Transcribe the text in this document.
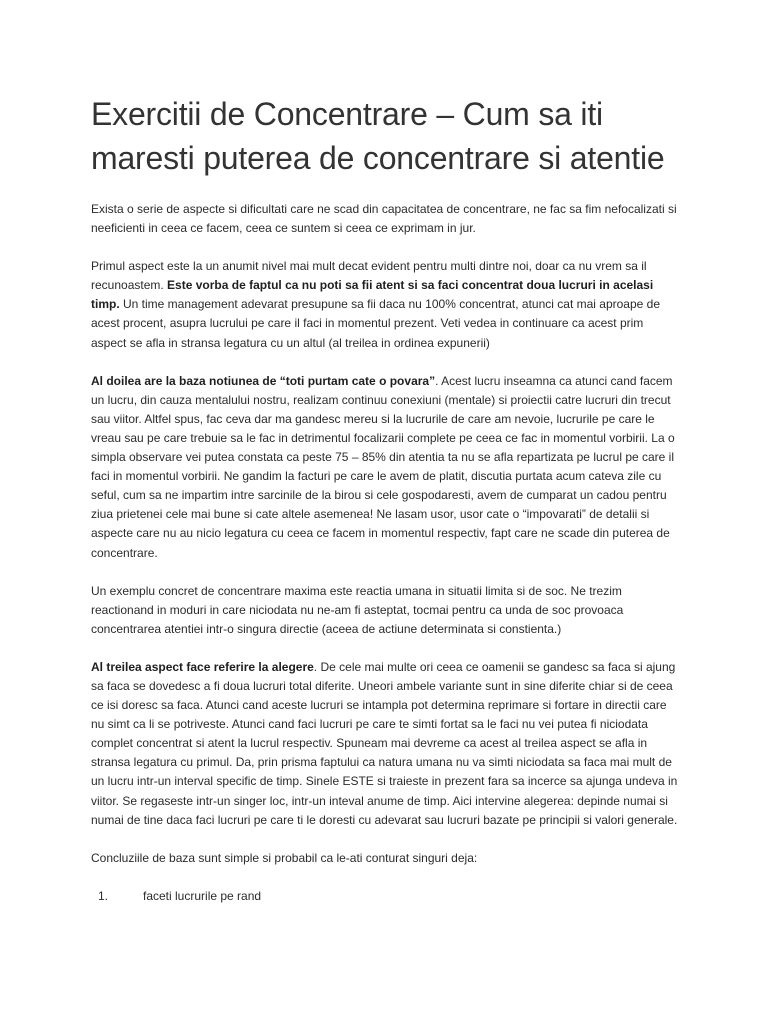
Exercitii de Concentrare – Cum sa iti maresti puterea de concentrare si atentie

Exista o serie de aspecte si dificultati care ne scad din capacitatea de concentrare, ne fac sa fim nefocalizati si neeficienti in ceea ce facem, ceea ce suntem si ceea ce exprimam in jur.

Primul aspect este la un anumit nivel mai mult decat evident pentru multi dintre noi, doar ca nu vrem sa il recunoastem. Este vorba de faptul ca nu poti sa fii atent si sa faci concentrat doua lucruri in acelasi timp. Un time management adevarat presupune sa fii daca nu 100% concentrat, atunci cat mai aproape de acest procent, asupra lucrului pe care il faci in momentul prezent. Veti vedea in continuare ca acest prim aspect se afla in stransa legatura cu un altul (al treilea in ordinea expunerii)

Al doilea are la baza notiunea de “toti purtam cate o povara”. Acest lucru inseamna ca atunci cand facem un lucru, din cauza mentalului nostru, realizam continuu conexiuni (mentale) si proiectii catre lucruri din trecut sau viitor. Altfel spus, fac ceva dar ma gandesc mereu si la lucrurile de care am nevoie, lucrurile pe care le vreau sau pe care trebuie sa le fac in detrimentul focalizarii complete pe ceea ce fac in momentul vorbirii. La o simpla observare vei putea constata ca peste 75 – 85% din atentia ta nu se afla repartizata pe lucrul pe care il faci in momentul vorbirii. Ne gandim la facturi pe care le avem de platit, discutia purtata acum cateva zile cu seful, cum sa ne impartim intre sarcinile de la birou si cele gospodaresti, avem de cumparat un cadou pentru ziua prietenei cele mai bune si cate altele asemenea! Ne lasam usor, usor cate o “impovarati” de detalii si aspecte care nu au nicio legatura cu ceea ce facem in momentul respectiv, fapt care ne scade din puterea de concentrare.

Un exemplu concret de concentrare maxima este reactia umana in situatii limita si de soc. Ne trezim reactionand in moduri in care niciodata nu ne-am fi asteptat, tocmai pentru ca unda de soc provoaca concentrarea atentiei intr-o singura directie (aceea de actiune determinata si constienta.)

Al treilea aspect face referire la alegere. De cele mai multe ori ceea ce oamenii se gandesc sa faca si ajung sa faca se dovedesc a fi doua lucruri total diferite. Uneori ambele variante sunt in sine diferite chiar si de ceea ce isi doresc sa faca. Atunci cand aceste lucruri se intampla pot determina reprimare si fortare in directii care nu simt ca li se potriveste. Atunci cand faci lucruri pe care te simti fortat sa le faci nu vei putea fi niciodata complet concentrat si atent la lucrul respectiv. Spuneam mai devreme ca acest al treilea aspect se afla in stransa legatura cu primul. Da, prin prisma faptului ca natura umana nu va simti niciodata sa faca mai mult de un lucru intr-un interval specific de timp. Sinele ESTE si traieste in prezent fara sa incerce sa ajunga undeva in viitor. Se regaseste intr-un singer loc, intr-un inteval anume de timp. Aici intervine alegerea: depinde numai si numai de tine daca faci lucruri pe care ti le doresti cu adevarat sau lucruri bazate pe principii si valori generale.

Concluziile de baza sunt simple si probabil ca le-ati conturat singuri deja:

1.	faceti lucrurile pe rand
